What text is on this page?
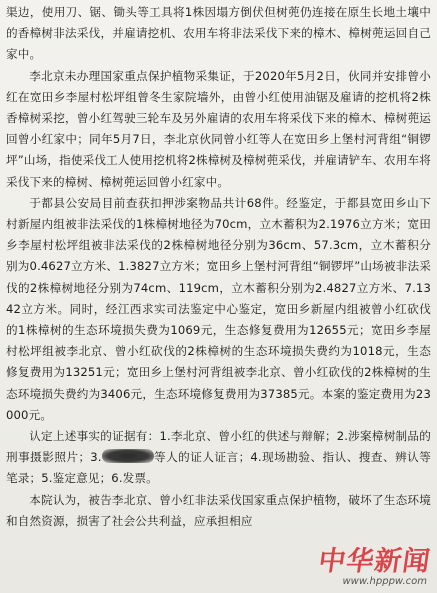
渠边，使用刀、锯、锄头等工具将1株因塌方倒伏但树蔸仍连接在原生长地土壤中的香樟树非法采伐，并雇请挖机、农用车将非法采伐下来的樟木、樟树蔸运回自己家中。

李北京未办理国家重点保护植物采集证，于2020年5月2日，伙同并安排曾小红在宽田乡李屋村松坪组曾冬生家院墙外，由曾小红使用油锯及雇请的挖机将2株香樟树采挖，曾小红驾驶三轮车及另外雇请的农用车将采伐下来的樟木、樟树蔸运回曾小红家中；同年5月7日，李北京伙同曾小红等人在宽田乡上堡村河背组“铜锣坪”山场，指使采伐工人使用挖机将2株樟树及樟树蔸采伐，并雇请铲车、农用车将采伐下来的樟树、樟树蔸运回曾小红家中。

于都县公安局目前查获扣押涉案物品共计68件。经鉴定，于都县宽田乡山下村新屋内组被非法采伐的1株樟树地径为70cm，立木蓄积为2.1976立方米；宽田乡李屋村松坪组被非法采伐的2株樟树地径分别为36cm、57.3cm，立木蓄积分别为0.4627立方米、1.3827立方米；宽田乡上堡村河背组“铜锣坪”山场被非法采伐的2株樟树地径分别为74cm、119cm，立木蓄积分别为2.4827立方米、7.1342立方米。同时，经江西求实司法鉴定中心鉴定，宽田乡新屋内组被曾小红砍伐的1株樟树的生态环境损失费为1069元，生态修复费用为12655元；宽田乡李屋村松坪组被李北京、曾小红砍伐的2株樟树的生态环境损失费约为1018元，生态修复费用为13251元；宽田乡上堡村河背组被李北京、曾小红砍伐的2株樟树的生态环境损失费约为3406元，生态环境修复费用为37385元。本案的鉴定费用为23000元。

认定上述事实的证据有：1.李北京、曾小红的供述与辩解；2.涉案樟树制品的刑事摄影照片；3.	等人的证人证言；4.现场勘验、指认、搜查、辨认等笔录；5.鉴定意见；6.发票。

本院认为，被告李北京、曾小红非法采伐国家重点保护植物，破坏了生态环境和自然资源，损害了社会公共利益，应承担相应

中华新闻
www.hpppw.com
